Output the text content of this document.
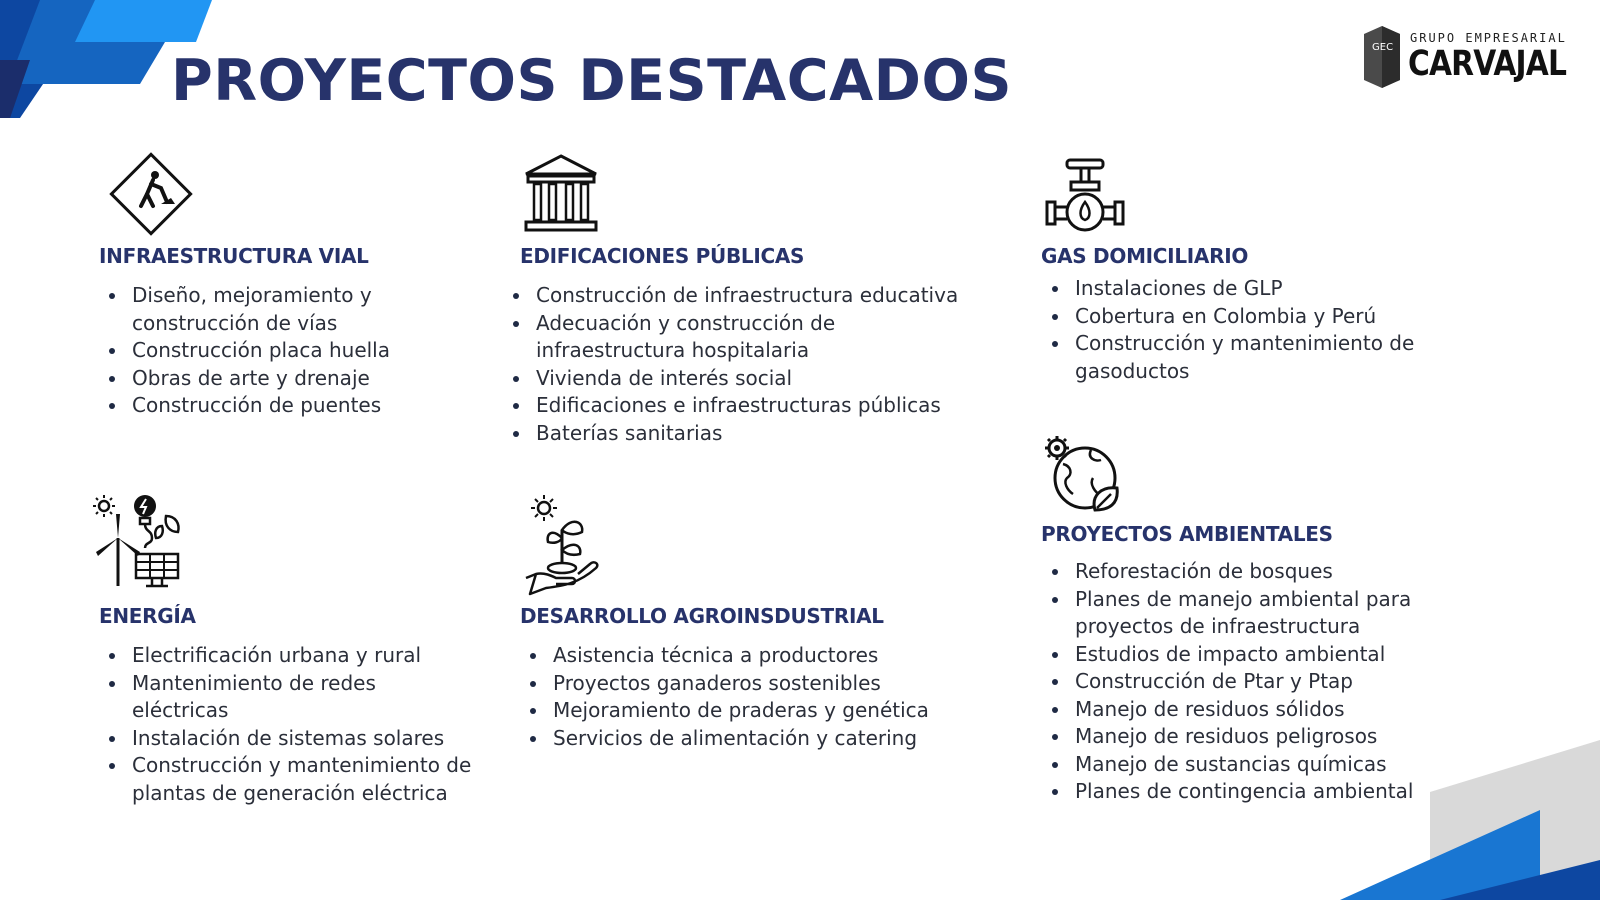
PROYECTOS DESTACADOS
GEC
GRUPO EMPRESARIAL
CARVAJAL
INFRAESTRUCTURA VIAL
Diseño, mejoramiento y construcción de vías
Construcción placa huella
Obras de arte y drenaje
Construcción de puentes
EDIFICACIONES PÚBLICAS
Construcción de infraestructura educativa
Adecuación y construcción de infraestructura hospitalaria
Vivienda de interés social
Edificaciones e infraestructuras públicas
Baterías sanitarias
GAS DOMICILIARIO
Instalaciones de GLP
Cobertura en Colombia y Perú
Construcción y mantenimiento de gasoductos
ENERGÍA
Electrificación urbana y rural
Mantenimiento de redes eléctricas
Instalación de sistemas solares
Construcción y mantenimiento de plantas de generación eléctrica
DESARROLLO AGROINSDUSTRIAL
Asistencia técnica a productores
Proyectos ganaderos sostenibles
Mejoramiento de praderas y genética
Servicios de alimentación y catering
PROYECTOS AMBIENTALES
Reforestación de bosques
Planes de manejo ambiental para proyectos de infraestructura
Estudios de impacto ambiental
Construcción de Ptar y Ptap
Manejo de residuos sólidos
Manejo de residuos peligrosos
Manejo de sustancias químicas
Planes de contingencia ambiental
